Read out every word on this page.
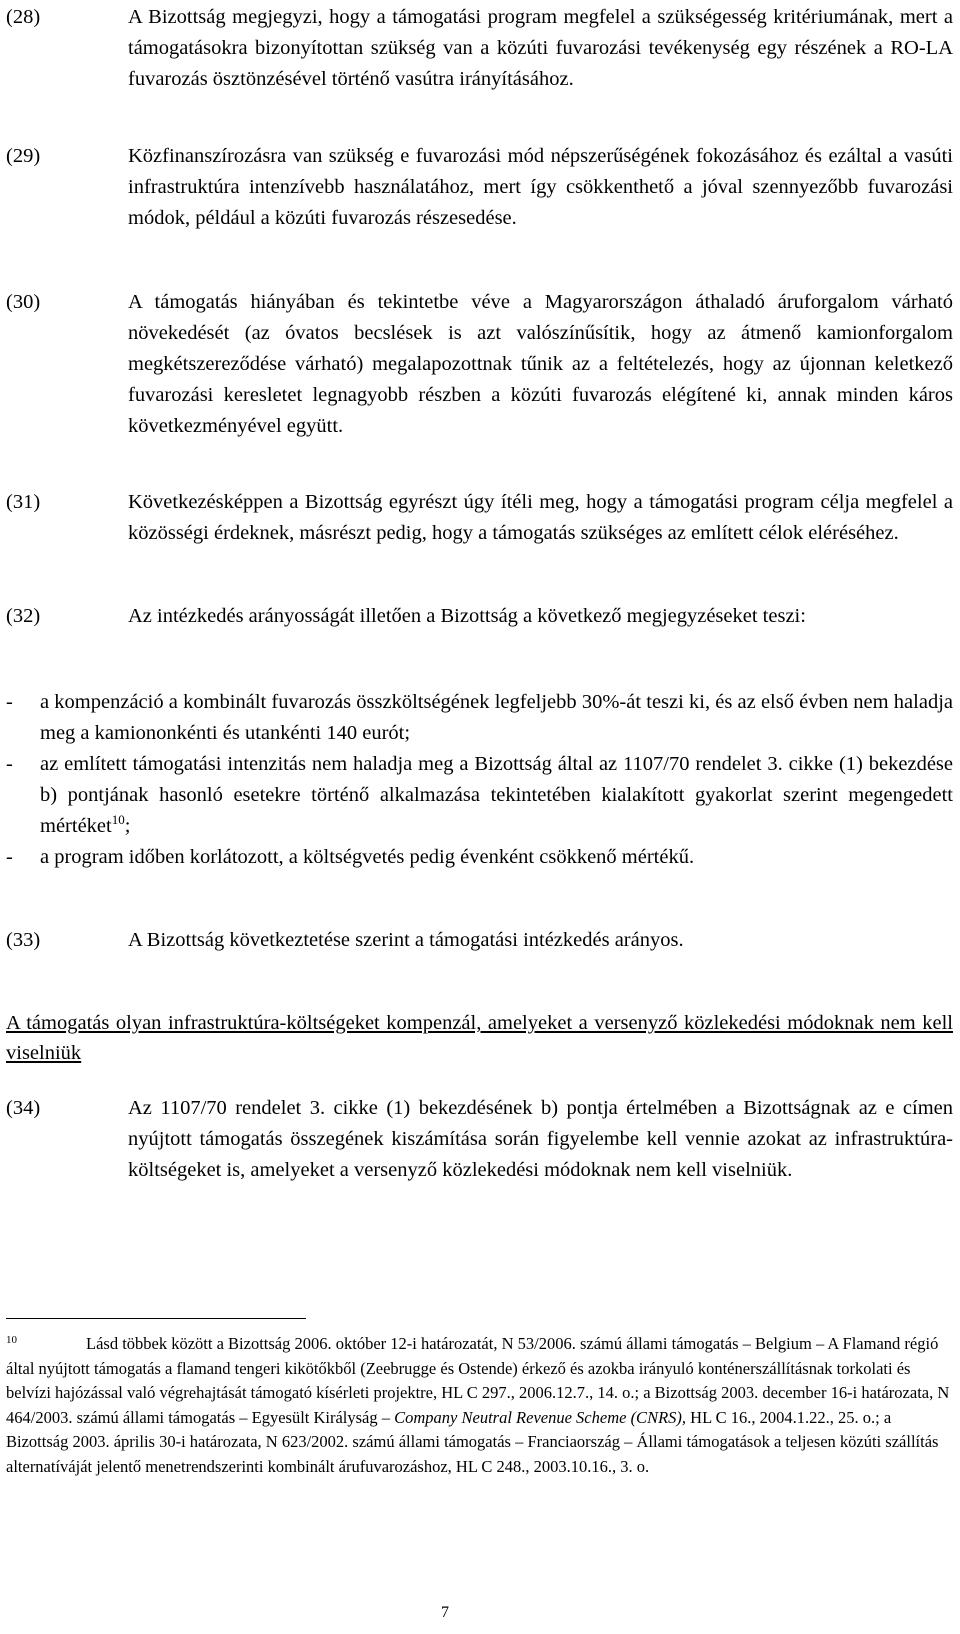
(28)	A Bizottság megjegyzi, hogy a támogatási program megfelel a szükségesség kritériumának, mert a támogatásokra bizonyítottan szükség van a közúti fuvarozási tevékenység egy részének a RO-LA fuvarozás ösztönzésével történő vasútra irányításához.
(29)	Közfinanszírozásra van szükség e fuvarozási mód népszerűségének fokozásához és ezáltal a vasúti infrastruktúra intenzívebb használatához, mert így csökkenthető a jóval szennyezőbb fuvarozási módok, például a közúti fuvarozás részesedése.
(30)	A támogatás hiányában és tekintetbe véve a Magyarországon áthaladó áruforgalom várható növekedését (az óvatos becslések is azt valószínűsítik, hogy az átmenő kamionforgalom megkétszereződése várható) megalapozottnak tűnik az a feltételezés, hogy az újonnan keletkező fuvarozási keresletet legnagyobb részben a közúti fuvarozás elégítené ki, annak minden káros következményével együtt.
(31)	Következésképpen a Bizottság egyrészt úgy ítéli meg, hogy a támogatási program célja megfelel a közösségi érdeknek, másrészt pedig, hogy a támogatás szükséges az említett célok eléréséhez.
(32)	Az intézkedés arányosságát illetően a Bizottság a következő megjegyzéseket teszi:
- a kompenzáció a kombinált fuvarozás összköltségének legfeljebb 30%-át teszi ki, és az első évben nem haladja meg a kamiononkénti és utankénti 140 eurót;
- az említett támogatási intenzitás nem haladja meg a Bizottság által az 1107/70 rendelet 3. cikke (1) bekezdése b) pontjának hasonló esetekre történő alkalmazása tekintetében kialakított gyakorlat szerint megengedett mértéket$^{10}$;
- a program időben korlátozott, a költségvetés pedig évenként csökkenő mértékű.
(33)	A Bizottság következtetése szerint a támogatási intézkedés arányos.
A támogatás olyan infrastruktúra-költségeket kompenzál, amelyeket a versenyző közlekedési módoknak nem kell viselniük
(34)	Az 1107/70 rendelet 3. cikke (1) bekezdésének b) pontja értelmében a Bizottságnak az e címen nyújtott támogatás összegének kiszámítása során figyelembe kell vennie azokat az infrastruktúra-költségeket is, amelyeket a versenyző közlekedési módoknak nem kell viselniük.
10	Lásd többek között a Bizottság 2006. október 12-i határozatát, N 53/2006. számú állami támogatás – Belgium – A Flamand régió által nyújtott támogatás a flamand tengeri kikötőkből (Zeebrugge és Ostende) érkező és azokba irányuló konténerszállításnak torkolati és belvízi hajózással való végrehajtását támogató kísérleti projektre, HL C 297., 2006.12.7., 14. o.; a Bizottság 2003. december 16-i határozata, N 464/2003. számú állami támogatás – Egyesült Királyság – Company Neutral Revenue Scheme (CNRS), HL C 16., 2004.1.22., 25. o.; a Bizottság 2003. április 30-i határozata, N 623/2002. számú állami támogatás – Franciaország – Állami támogatások a teljesen közúti szállítás alternatíváját jelentő menetrendszerinti kombinált árufuvarozáshoz, HL C 248., 2003.10.16., 3. o.
7
